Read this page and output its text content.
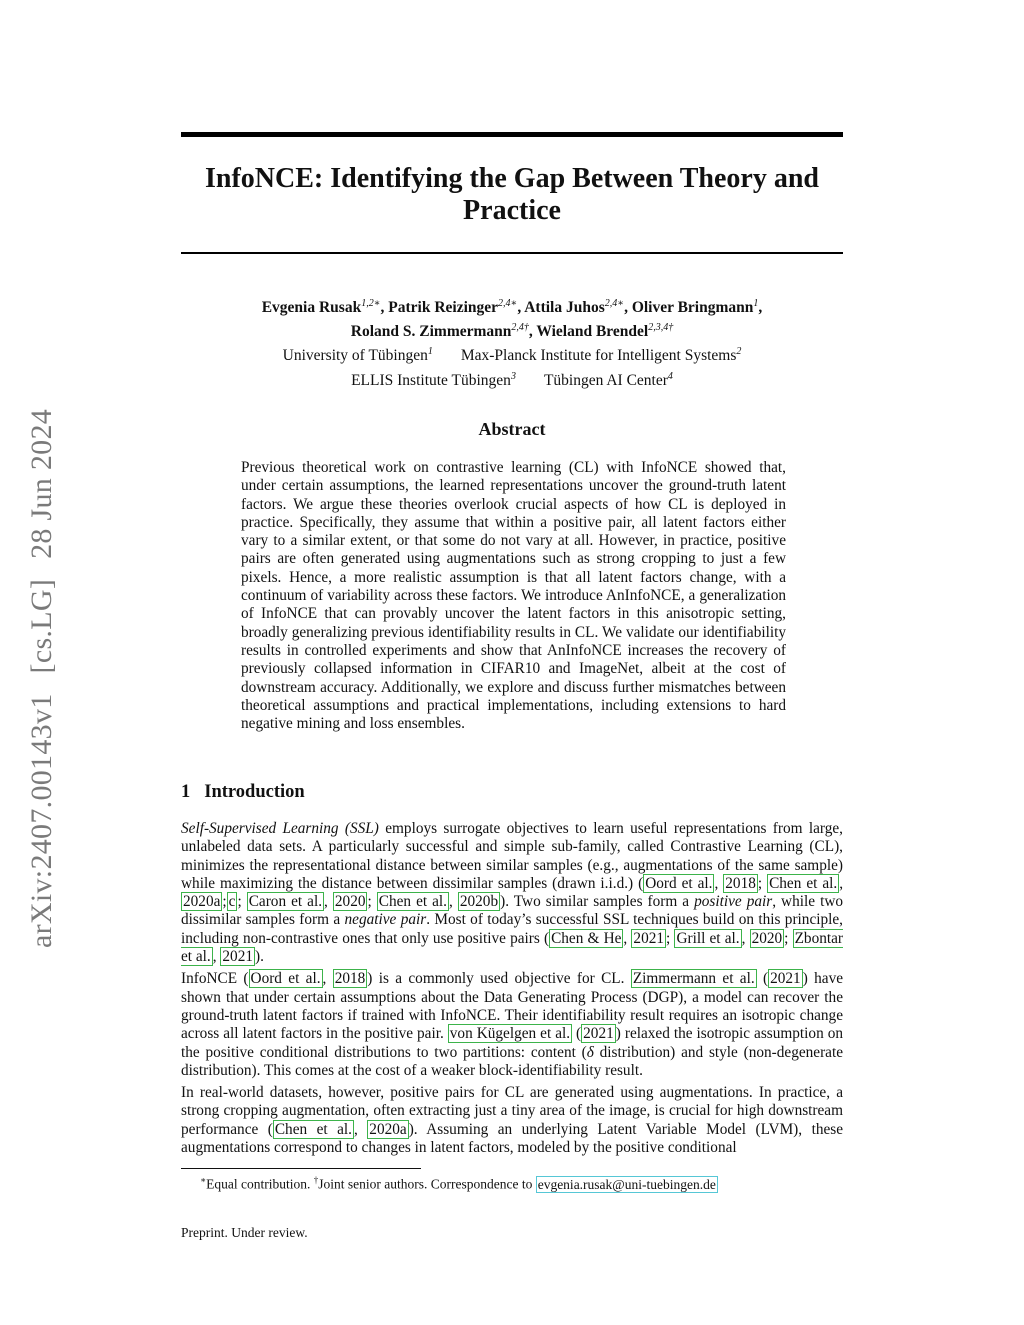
arXiv:2407.00143v1[cs.LG]28 Jun 2024
InfoNCE: Identifying the Gap Between Theory and
Practice
Evgenia Rusak$^{1,2∗}$, Patrik Reizinger$^{2,4∗}$, Attila Juhos$^{2,4∗}$, Oliver Bringmann$^1$,
Roland S. Zimmermann$^{2,4\dagger}$, Wieland Brendel$^{2,3,4\dagger}$
University of Tübingen$^1$ Max-Planck Institute for Intelligent Systems$^2$
ELLIS Institute Tübingen$^3$ Tübingen AI Center$^4$
Abstract
Previous theoretical work on contrastive learning (CL) with InfoNCE showed that, under certain assumptions, the learned representations uncover the ground-truth latent factors. We argue these theories overlook crucial aspects of how CL is deployed in practice. Specifically, they assume that within a positive pair, all latent factors either vary to a similar extent, or that some do not vary at all. However, in practice, positive pairs are often generated using augmentations such as strong cropping to just a few pixels. Hence, a more realistic assumption is that all latent factors change, with a continuum of variability across these factors. We introduce AnInfoNCE, a generalization of InfoNCE that can provably uncover the latent factors in this anisotropic setting, broadly generalizing previous identifiability results in CL. We validate our identifiability results in controlled experiments and show that AnInfoNCE increases the recovery of previously collapsed information in CIFAR10 and ImageNet, albeit at the cost of downstream accuracy. Additionally, we explore and discuss further mismatches between theoretical assumptions and practical implementations, including extensions to hard negative mining and loss ensembles.
1 Introduction

Self-Supervised Learning (SSL) employs surrogate objectives to learn useful representations from large, unlabeled data sets. A particularly successful and simple sub-family, called Contrastive Learning (CL), minimizes the representational distance between similar samples (e.g., augmentations of the same sample) while maximizing the distance between dissimilar samples (drawn i.i.d.) ( Oord et al. , 2018 ; Chen et al. , 2020a ; c ; Caron et al. , 2020 ; Chen et al. , 2020b ). Two similar samples form a positive pair, while two dissimilar samples form a negative pair. Most of today’s successful SSL techniques build on this principle, including non-contrastive ones that only use positive pairs ( Chen & He , 2021 ; Grill et al. , 2020 ; Zbontar et al. , 2021 ).

InfoNCE ( Oord et al. , 2018 ) is a commonly used objective for CL. Zimmermann et al. ( 2021 ) have shown that under certain assumptions about the Data Generating Process (DGP), a model can recover the ground-truth latent factors if trained with InfoNCE. Their identifiability result requires an isotropic change across all latent factors in the positive pair. von Kügelgen et al. ( 2021 ) relaxed the isotropic assumption on the positive conditional distributions to two partitions: content (δ distribution) and style (non-degenerate distribution). This comes at the cost of a weaker block-identifiability result.

In real-world datasets, however, positive pairs for CL are generated using augmentations. In practice, a strong cropping augmentation, often extracting just a tiny area of the image, is crucial for high downstream performance ( Chen et al. , 2020a ). Assuming an underlying Latent Variable Model (LVM), these augmentations correspond to changes in latent factors, modeled by the positive conditional

∗Equal contribution. †Joint senior authors. Correspondence to evgenia.rusak@uni-tuebingen.de
Preprint. Under review.
